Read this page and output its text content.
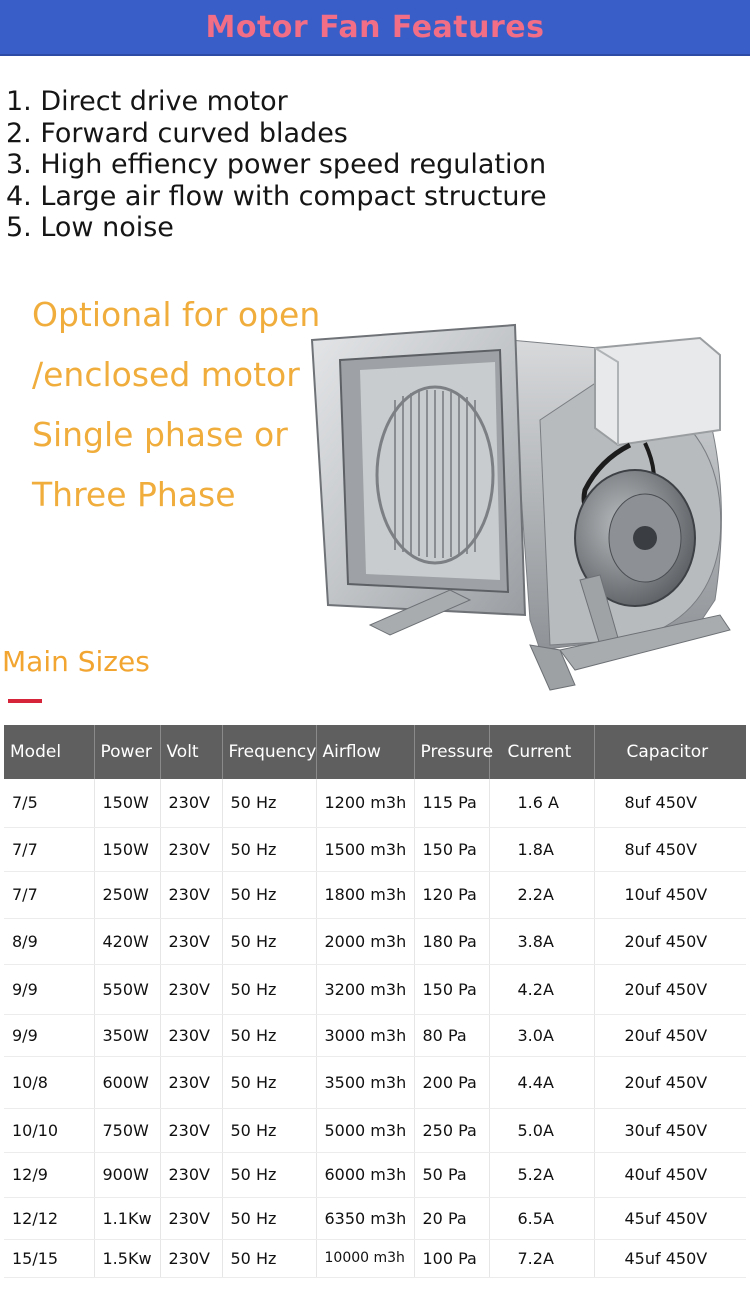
Motor Fan Features
1. Direct drive motor
2. Forward curved blades
3. High effiency power speed regulation
4. Large air flow with compact structure
5. Low noise
Optional for open
/enclosed motor
Single phase or
Three Phase
Main Sizes
Model	Power	Volt	Frequency	Airflow	Pressure	Current	Capacitor
7/5	150W	230V	50 Hz	1200 m3h	115 Pa	1.6 A	8uf 450V
7/7	150W	230V	50 Hz	1500 m3h	150 Pa	1.8A	8uf 450V
7/7	250W	230V	50 Hz	1800 m3h	120 Pa	2.2A	10uf 450V
8/9	420W	230V	50 Hz	2000 m3h	180 Pa	3.8A	20uf 450V
9/9	550W	230V	50 Hz	3200 m3h	150 Pa	4.2A	20uf 450V
9/9	350W	230V	50 Hz	3000 m3h	80 Pa	3.0A	20uf 450V
10/8	600W	230V	50 Hz	3500 m3h	200 Pa	4.4A	20uf 450V
10/10	750W	230V	50 Hz	5000 m3h	250 Pa	5.0A	30uf 450V
12/9	900W	230V	50 Hz	6000 m3h	50 Pa	5.2A	40uf 450V
12/12	1.1Kw	230V	50 Hz	6350 m3h	20 Pa	6.5A	45uf 450V
15/15	1.5Kw	230V	50 Hz	10000 m3h	100 Pa	7.2A	45uf 450V
